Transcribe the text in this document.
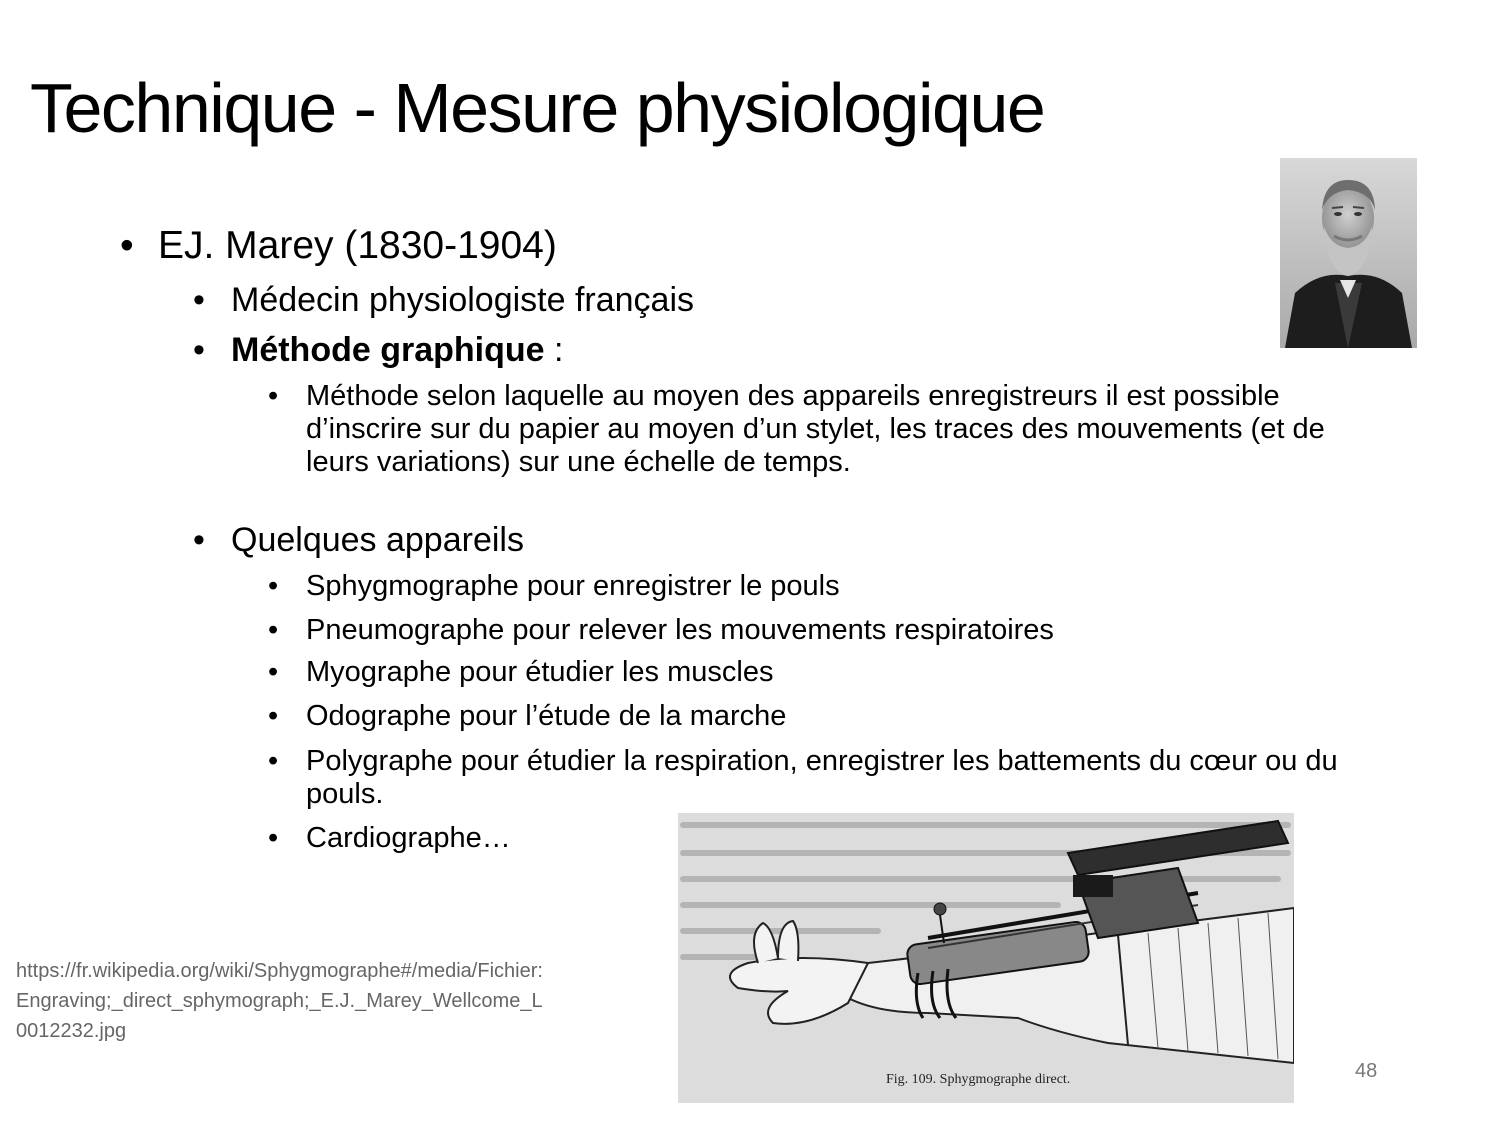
Technique - Mesure physiologique
• EJ. Marey (1830-1904)
• Médecin physiologiste français
• Méthode graphique :
• Méthode selon laquelle au moyen des appareils enregistreurs il est possible d’inscrire sur du papier au moyen d’un stylet, les traces des mouvements (et de leurs variations) sur une échelle de temps.
• Quelques appareils
• Sphygmographe pour enregistrer le pouls
• Pneumographe pour relever les mouvements respiratoires
• Myographe pour étudier les muscles
• Odographe pour l’étude de la marche
• Polygraphe pour étudier la respiration, enregistrer les battements du cœur ou du pouls.
• Cardiographe…
Fig. 109. Sphygmographe direct.
https://fr.wikipedia.org/wiki/Sphygmographe#/media/Fichier:Engraving;_direct_sphymograph;_E.J._Marey_Wellcome_L0012232.jpg
48
